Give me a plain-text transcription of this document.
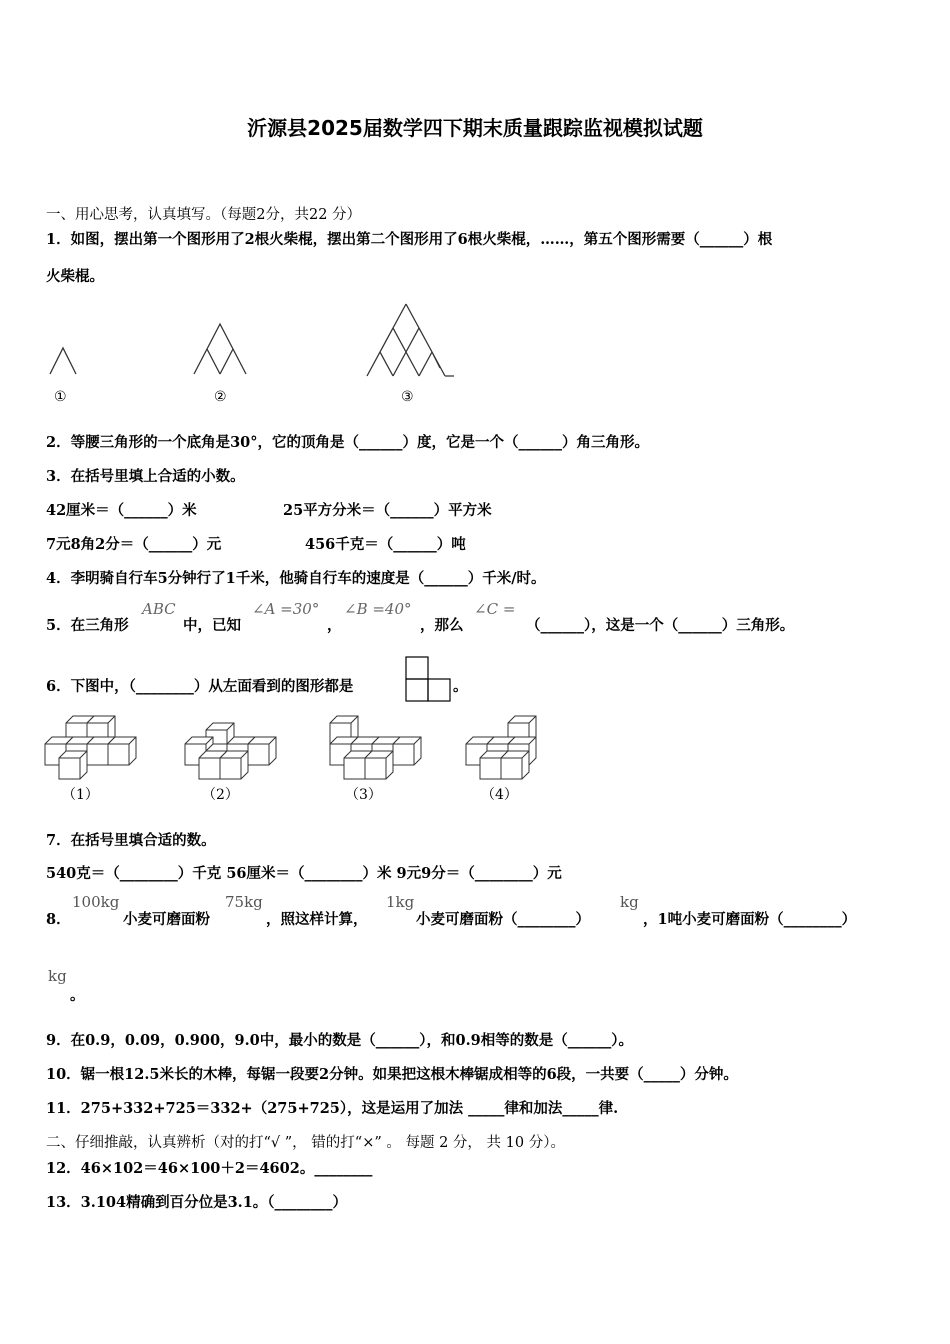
沂源县2025届数学四下期末质量跟踪监视模拟试题
一、用心思考，认真填写。（每题2分，共22 分）
1．如图，摆出第一个图形用了2根火柴棍，摆出第二个图形用了6根火柴棍，……，第五个图形需要（______）根
火柴棍。
①	②	③
2．等腰三角形的一个底角是30°，它的顶角是（______）度，它是一个（______）角三角形。
3．在括号里填上合适的小数。
42厘米＝（______）米	25平方分米＝（______）平方米
7元8角2分＝（______）元	456千克＝（______）吨
4．李明骑自行车5分钟行了1千米，他骑自行车的速度是（______）千米/时。
5．在三角形
ABC
中，已知
∠A =30°
，
∠B =40°
，那么
∠C =
（______），这是一个（______）三角形。
6．下图中，（________）从左面看到的图形都是	。
（1）	（2）	（3）	（4）
7．在括号里填合适的数。
540克＝（________）千克 56厘米＝（________）米 9元9分＝（________）元
8．
100kg
小麦可磨面粉
75kg
，照这样计算，
1kg
小麦可磨面粉（________）
kg
，1吨小麦可磨面粉（________）
kg
。
9．在0.9，0.09，0.900，9.0中，最小的数是（______），和0.9相等的数是（______）。
10．锯一根12.5米长的木棒，每锯一段要2分钟。如果把这根木棒锯成相等的6段，一共要（_____）分钟。
11．275+332+725＝332+（275+725），这是运用了加法 _____律和加法_____律.
二、仔细推敲，认真辨析（对的打“√ ”， 错的打“×” 。 每题 2 分， 共 10 分）。
12．46×102＝46×100＋2＝4602。________
13．3.104精确到百分位是3.1。（________）
